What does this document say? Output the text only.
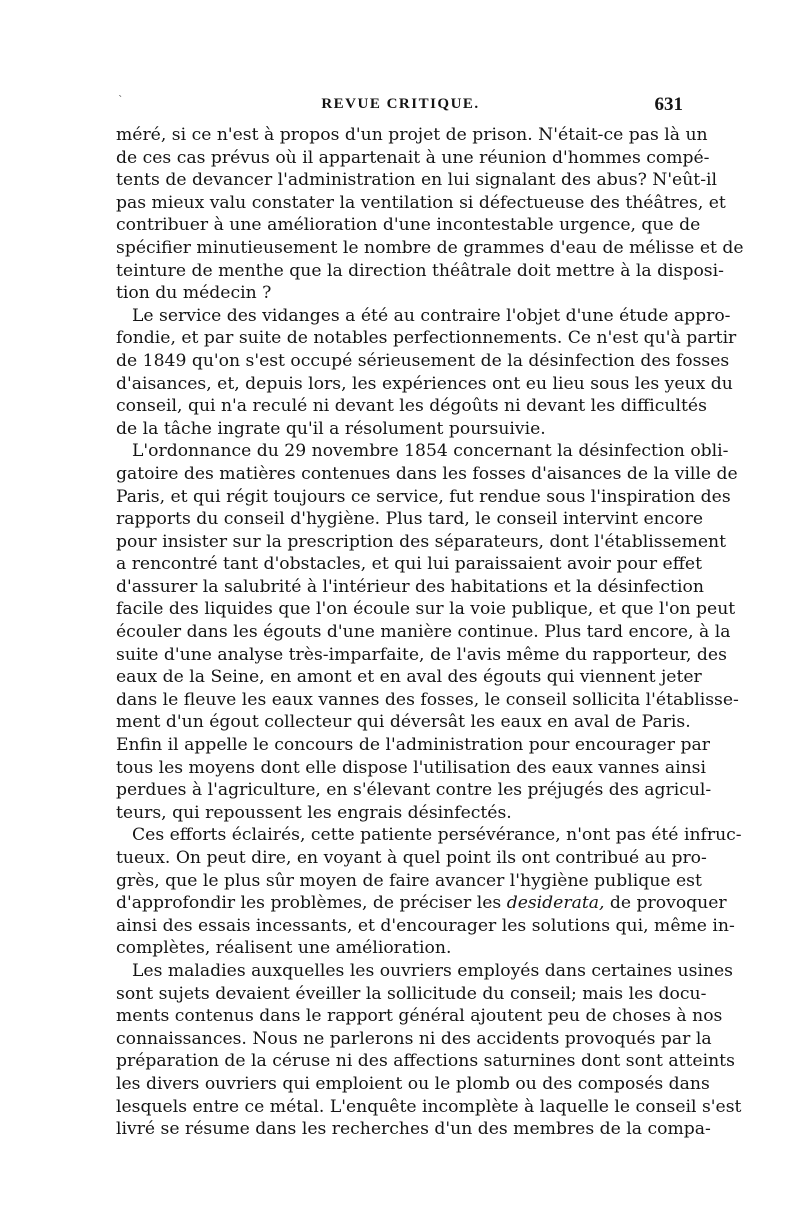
`	REVUE CRITIQUE.	631
méré, si ce n'est à propos d'un projet de prison. N'était-ce pas là un
de ces cas prévus où il appartenait à une réunion d'hommes compé-
tents de devancer l'administration en lui signalant des abus? N'eût-il
pas mieux valu constater la ventilation si défectueuse des théâtres, et
contribuer à une amélioration d'une incontestable urgence, que de
spécifier minutieusement le nombre de grammes d'eau de mélisse et de
teinture de menthe que la direction théâtrale doit mettre à la disposi-
tion du médecin ?
Le service des vidanges a été au contraire l'objet d'une étude appro-
fondie, et par suite de notables perfectionnements. Ce n'est qu'à partir
de 1849 qu'on s'est occupé sérieusement de la désinfection des fosses
d'aisances, et, depuis lors, les expériences ont eu lieu sous les yeux du
conseil, qui n'a reculé ni devant les dégoûts ni devant les difficultés
de la tâche ingrate qu'il a résolument poursuivie.
L'ordonnance du 29 novembre 1854 concernant la désinfection obli-
gatoire des matières contenues dans les fosses d'aisances de la ville de
Paris, et qui régit toujours ce service, fut rendue sous l'inspiration des
rapports du conseil d'hygiène. Plus tard, le conseil intervint encore
pour insister sur la prescription des séparateurs, dont l'établissement
a rencontré tant d'obstacles, et qui lui paraissaient avoir pour effet
d'assurer la salubrité à l'intérieur des habitations et la désinfection
facile des liquides que l'on écoule sur la voie publique, et que l'on peut
écouler dans les égouts d'une manière continue. Plus tard encore, à la
suite d'une analyse très-imparfaite, de l'avis même du rapporteur, des
eaux de la Seine, en amont et en aval des égouts qui viennent jeter
dans le fleuve les eaux vannes des fosses, le conseil sollicita l'établisse-
ment d'un égout collecteur qui déversât les eaux en aval de Paris.
Enfin il appelle le concours de l'administration pour encourager par
tous les moyens dont elle dispose l'utilisation des eaux vannes ainsi
perdues à l'agriculture, en s'élevant contre les préjugés des agricul-
teurs, qui repoussent les engrais désinfectés.
Ces efforts éclairés, cette patiente persévérance, n'ont pas été infruc-
tueux. On peut dire, en voyant à quel point ils ont contribué au pro-
grès, que le plus sûr moyen de faire avancer l'hygiène publique est
d'approfondir les problèmes, de préciser les desiderata, de provoquer
ainsi des essais incessants, et d'encourager les solutions qui, même in-
complètes, réalisent une amélioration.
Les maladies auxquelles les ouvriers employés dans certaines usines
sont sujets devaient éveiller la sollicitude du conseil; mais les docu-
ments contenus dans le rapport général ajoutent peu de choses à nos
connaissances. Nous ne parlerons ni des accidents provoqués par la
préparation de la céruse ni des affections saturnines dont sont atteints
les divers ouvriers qui emploient ou le plomb ou des composés dans
lesquels entre ce métal. L'enquête incomplète à laquelle le conseil s'est
livré se résume dans les recherches d'un des membres de la compa-
